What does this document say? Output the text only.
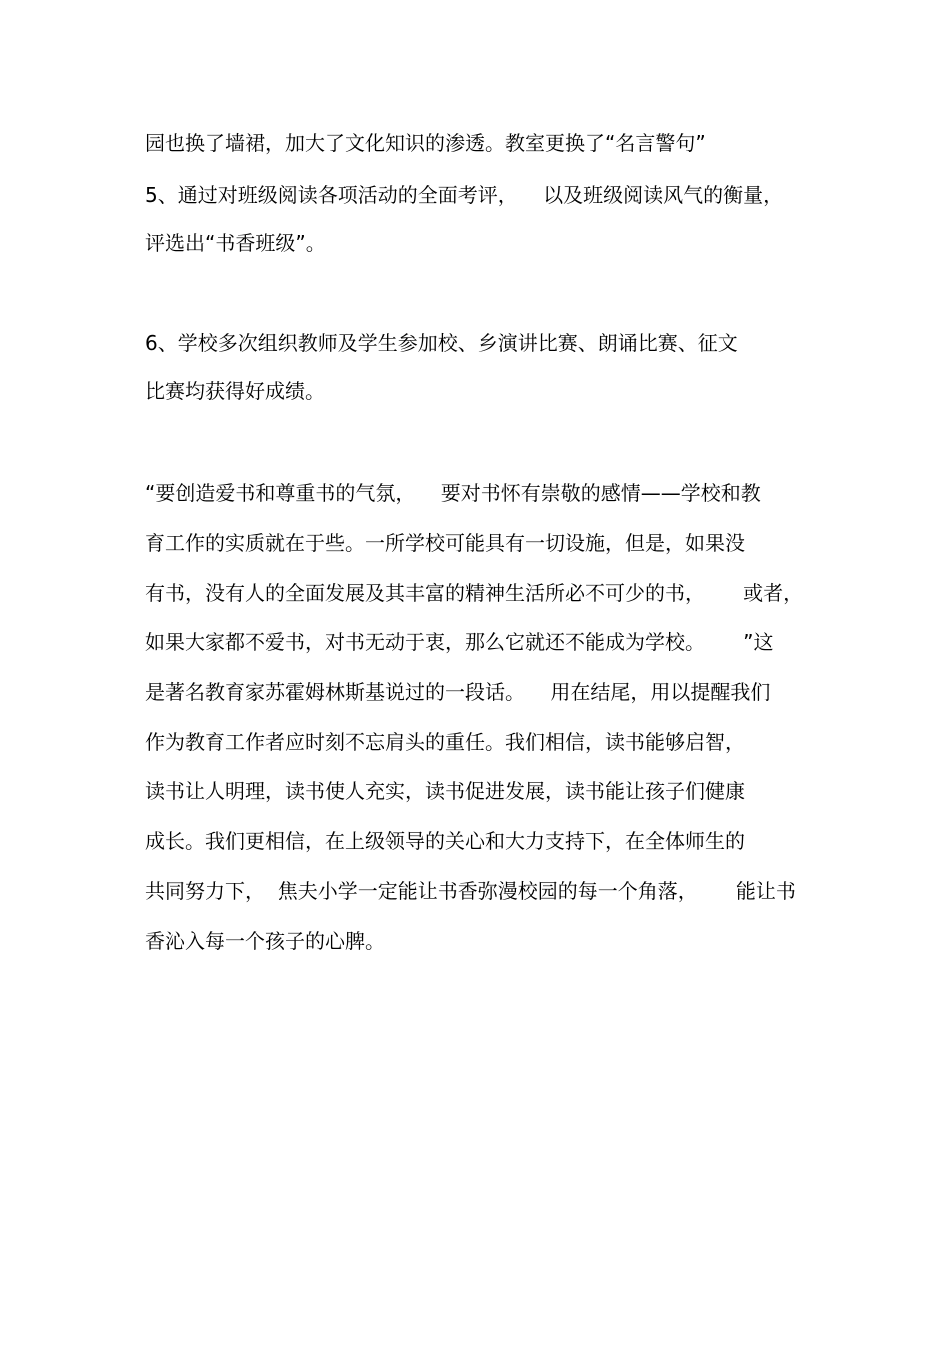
园也换了墙裙，加大了文化知识的渗透。教室更换了“名言警句”

5、通过对班级阅读各项活动的全面考评，    以及班级阅读风气的衡量，

评选出“书香班级”。

6、学校多次组织教师及学生参加校、乡演讲比赛、朗诵比赛、征文

比赛均获得好成绩。

“要创造爱书和尊重书的气氛，    要对书怀有崇敬的感情——学校和教

育工作的实质就在于些。一所学校可能具有一切设施，但是，如果没

有书，没有人的全面发展及其丰富的精神生活所必不可少的书，      或者，

如果大家都不爱书，对书无动于衷，那么它就还不能成为学校。      ”这

是著名教育家苏霍姆林斯基说过的一段话。    用在结尾，用以提醒我们

作为教育工作者应时刻不忘肩头的重任。我们相信，读书能够启智，

读书让人明理，读书使人充实，读书促进发展，读书能让孩子们健康

成长。我们更相信，在上级领导的关心和大力支持下，在全体师生的

共同努力下，  焦夫小学一定能让书香弥漫校园的每一个角落，      能让书

香沁入每一个孩子的心脾。
